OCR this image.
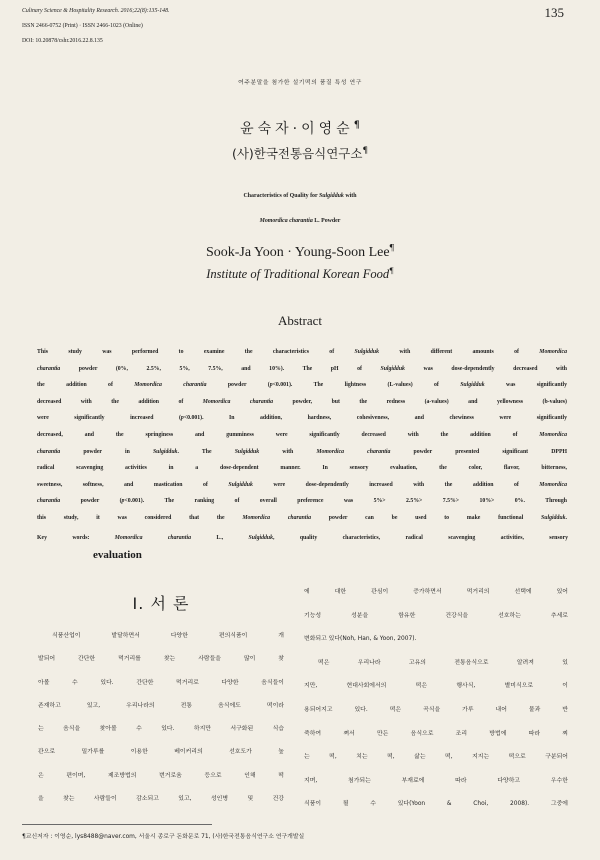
Culinary Science & Hospitality Research. 2016;22(8):135-148.
ISSN 2466-0752 (Print) · ISSN 2466-1023 (Online)
DOI: 10.20878/cshr.2016.22.8.135
135
여주분말을 첨가한 설기떡의 품질 특성 연구
윤숙자·이영순¶
(사)한국전통음식연구소¶
Characteristics of Quality for Sulgidduk with
Momordica charantia L. Powder
Sook-Ja Yoon · Young-Soon Lee¶
Institute of Traditional Korean Food¶
Abstract
This study was performed to examine the characteristics of Sulgidduk with different amounts of Momordica
charantia powder (0%, 2.5%, 5%, 7.5%, and 10%). The pH of Sulgidduk was dose-dependently decreased with
the addition of Momordica charantia powder (p<0.001). The lightness (L-values) of Sulgidduk was significantly
decreased with the addition of Momordica charantia powder, but the redness (a-values) and yellowness (b-values)
were significantly increased (p<0.001). In addition, hardness, cohesiveness, and chewiness were significantly
decreased, and the springiness and gumminess were significantly decreased with the addition of Momordica
charantia powder in Sulgidduk. The Sulgidduk with Momordica charantia powder presented significant DPPH
radical scavenging activities in a dose-dependent manner. In sensory evaluation, the color, flavor, bitterness,
sweetness, softness, and mastication of Sulgidduk were dose-dependently increased with the addition of Momordica
charantia powder (p<0.001). The ranking of overall preference was 5%> 2.5%> 7.5%> 10%> 0%. Through
this study, it was considered that the Momordica charantia powder can be used to make functional Sulgidduk.
Key words: Momordica charantia L., Sulgidduk, quality characteristics, radical scavenging activities, sensory
evaluation
Ⅰ. 서 론
식품산업이 발달하면서 다양한 편의식품이 개
발되어 간단한 먹거리를 찾는 사람들을 많이 찾
아볼 수 있다. 간단한 먹거리로 다양한 음식들이
존재하고 있고, 우리나라의 전통 음식에도 떡이라
는 음식을 찾아볼 수 있다. 하지만 서구화된 식습
관으로 밀가루를 이용한 베이커리의 선호도가 높
은 편이며, 제조방법의 번거로움 등으로 인해 떡
을 찾는 사람들이 감소되고 있고, 성인병 및 건강
에 대한 관심이 증가하면서 먹거리의 선택에 있어
기능성 성분을 함유한 건강식을 선호하는 추세로
변화되고 있다(Noh, Han, & Yoon, 2007).
떡은 우리나라 고유의 전통음식으로 알려져 있
지만, 현대사회에서의 떡은 행사식, 별미식으로 이
용되어지고 있다. 떡은 곡식을 가루 내어 물과 반
죽하여 쪄서 만든 음식으로 조리 방법에 따라 찌
는 떡, 치는 떡, 삶는 떡, 지지는 떡으로 구분되어
지며, 첨가되는 부재료에 따라 다양하고 우수한
식품이 될 수 있다(Yoon & Choi, 2008). 그중에
¶교신저자 : 이영순, lys8488@naver.com, 서울시 종로구 돈화문로 71, (사)한국전통음식연구소 연구개발실
